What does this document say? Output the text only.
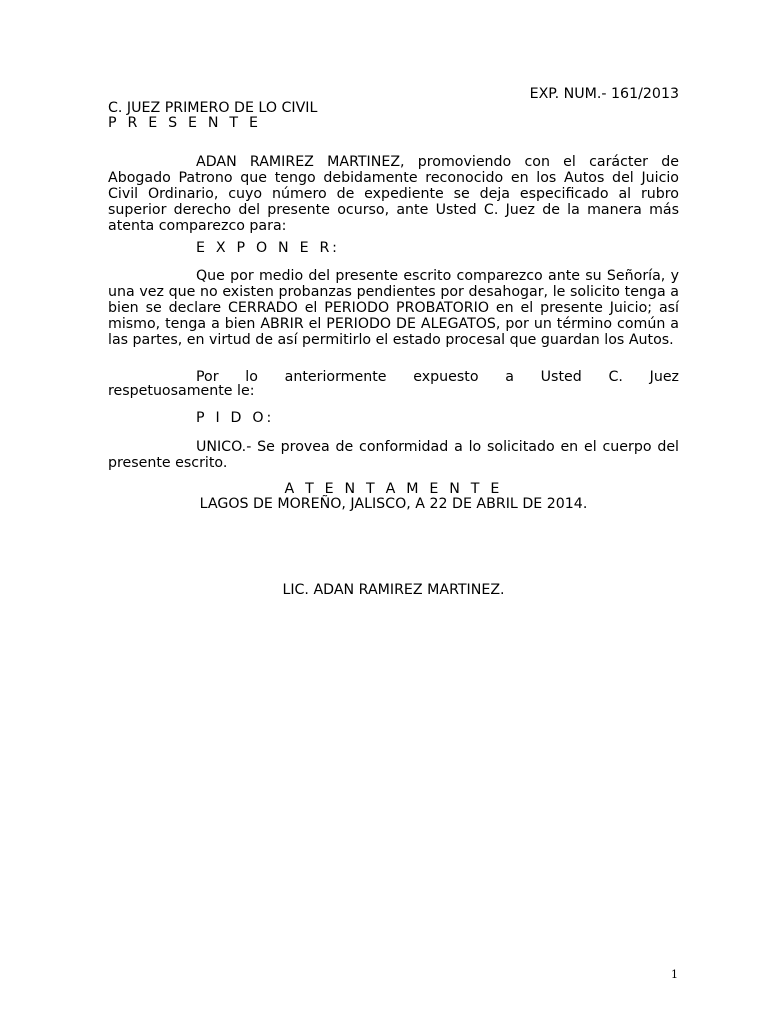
EXP. NUM.- 161/2013
C. JUEZ PRIMERO DE LO CIVIL
P R E S E N T E
ADAN RAMIREZ MARTINEZ, promoviendo con el carácter de Abogado Patrono que tengo debidamente reconocido en los Autos del Juicio Civil Ordinario, cuyo número de expediente se deja especificado al rubro superior derecho del presente ocurso, ante Usted C. Juez de la manera más atenta comparezco para:
E X P O N E R:
Que por medio del presente escrito comparezco ante su Señoría, y una vez que no existen probanzas pendientes por desahogar, le solicito tenga a bien se declare CERRADO el PERIODO PROBATORIO en el presente Juicio; así mismo, tenga a bien ABRIR el PERIODO DE ALEGATOS, por un término común a las partes, en virtud de así permitirlo el estado procesal que guardan los Autos.
Por lo anteriormente expuesto a Usted C. Juez
respetuosamente le:
P I D O:
UNICO.- Se provea de conformidad a lo solicitado en el cuerpo del presente escrito.
A T E N T A M E N T E
LAGOS DE MOREÑO, JALISCO, A 22 DE ABRIL DE 2014.
LIC. ADAN RAMIREZ MARTINEZ.
1
